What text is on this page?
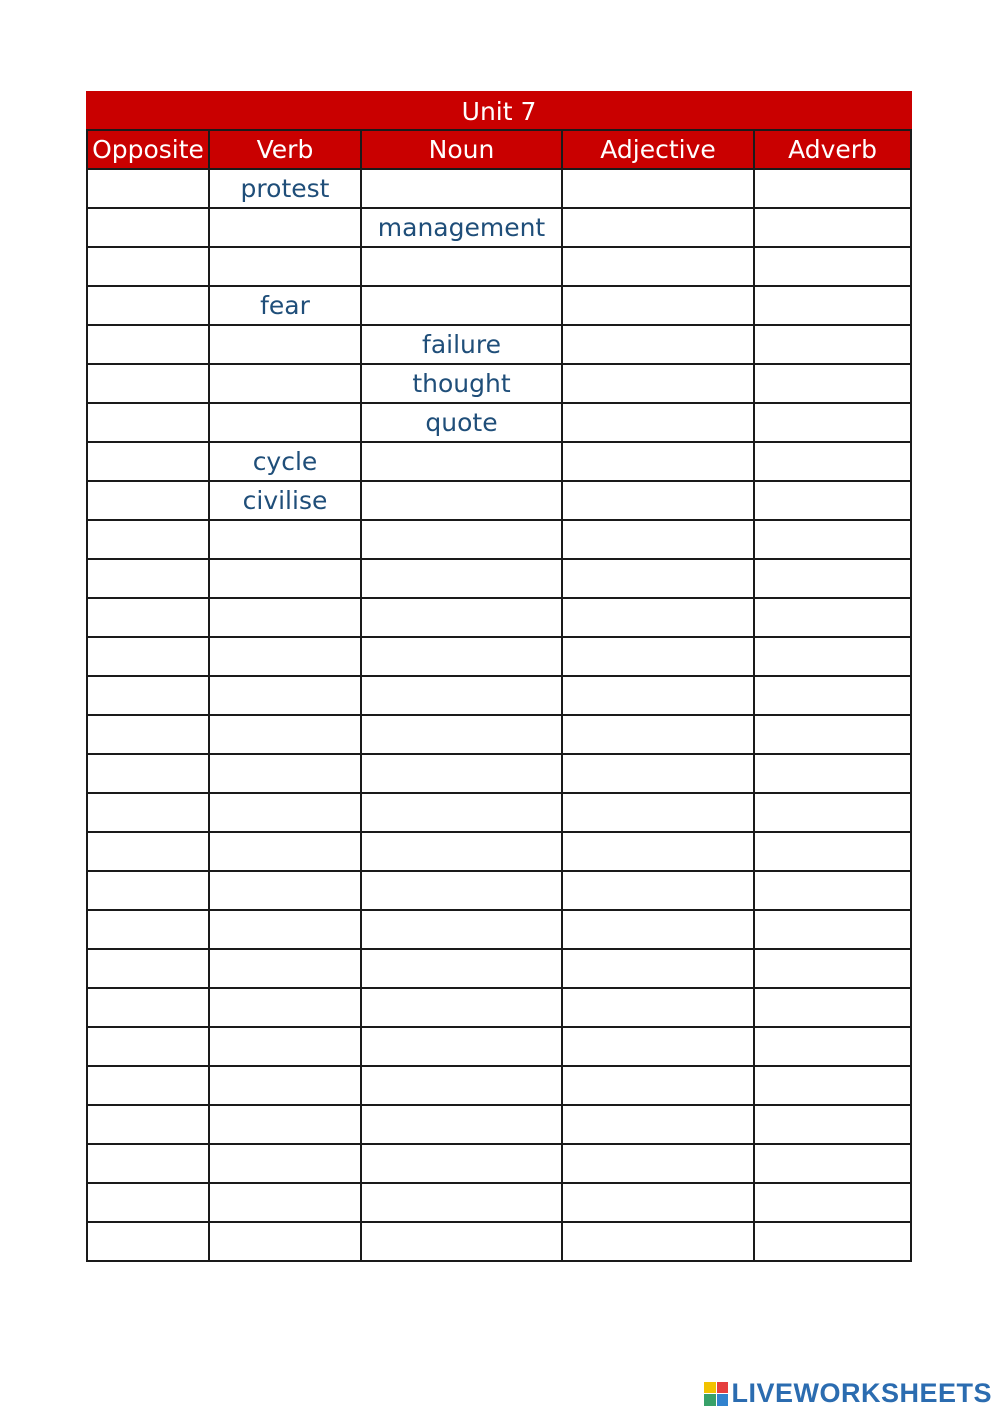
Unit 7				
Opposite	Verb	Noun	Adjective	Adverb
	protest			
		management		

	fear			
		failure		
		thought		
		quote		
	cycle			
	civilise			

LIVEWORKSHEETS
